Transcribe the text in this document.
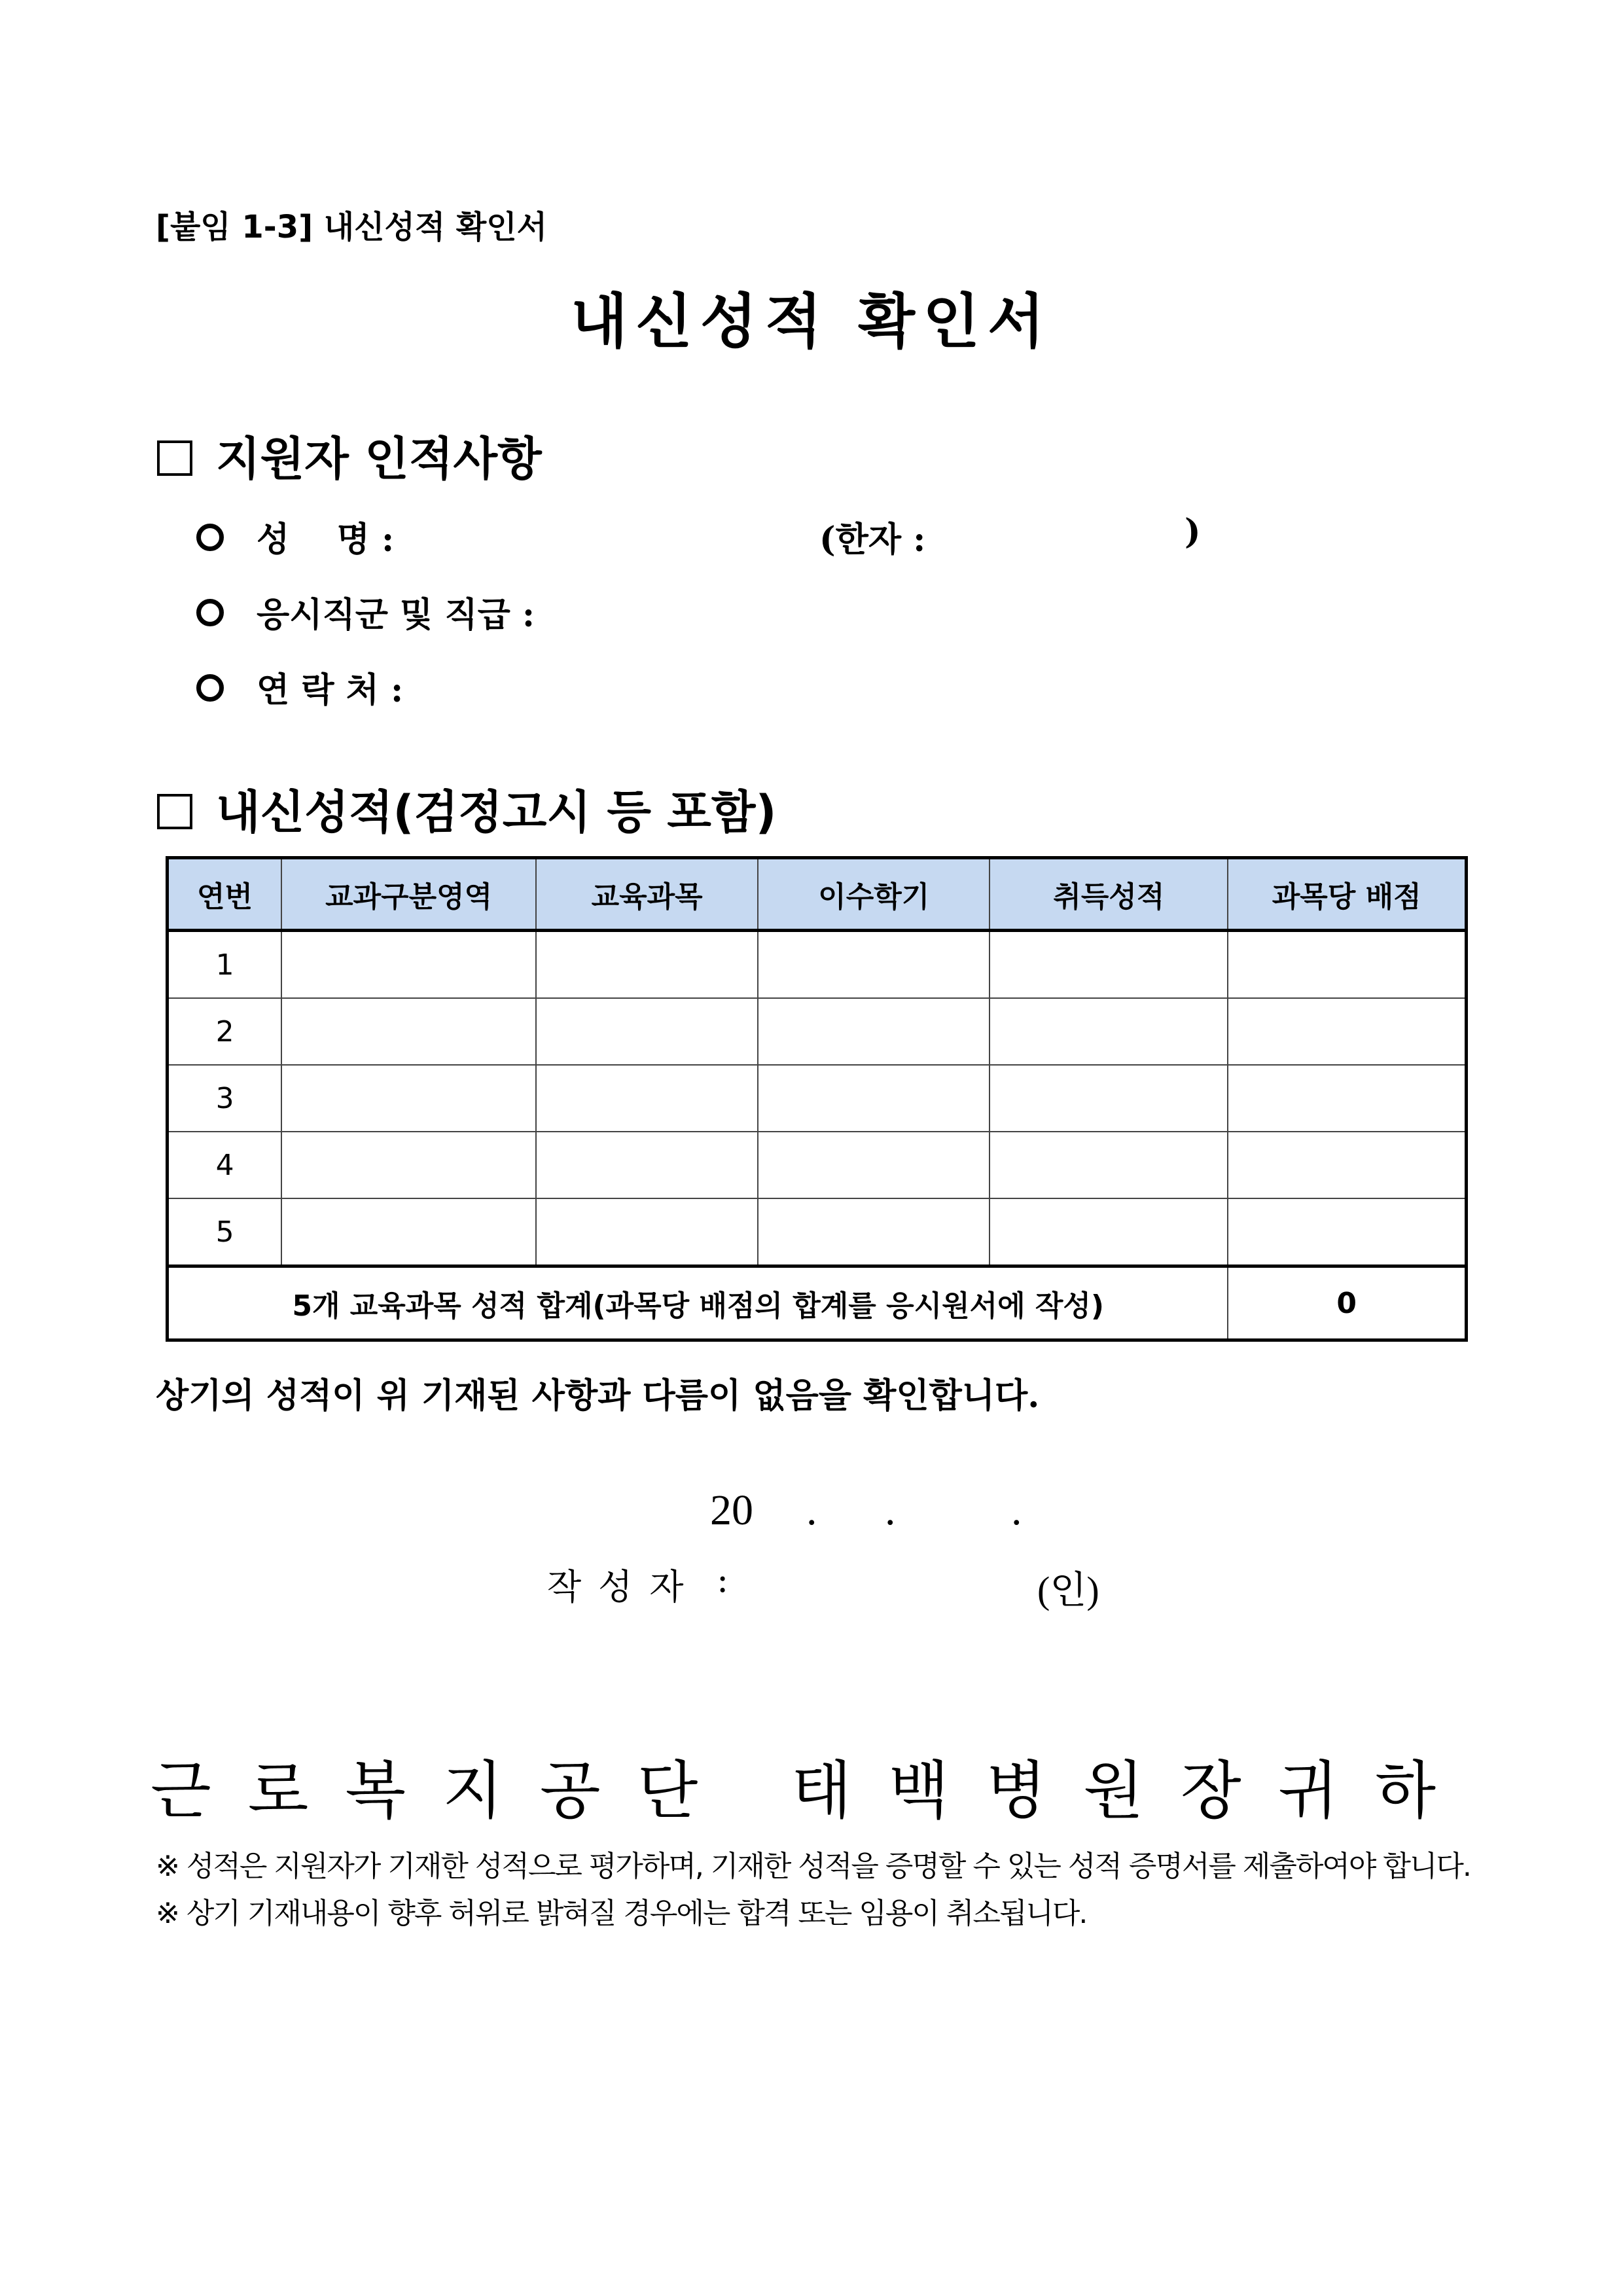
[붙임 1-3] 내신성적 확인서
내신성적 확인서
지원자 인적사항
성    명 :	(한자 :	)
응시직군 및 직급 :
연 락 처 :
내신성적(검정고시 등 포함)
연번	교과구분영역	교육과목	이수학기	취득성적	과목당 배점
1					
2					
3					
4					
5					
5개 교육과목 성적 합계(과목당 배점의 합계를 응시원서에 작성)					0
상기의 성적이 위 기재된 사항과 다름이 없음을 확인합니다.
20 . .	.
작성자 :	(인)
근로복지공단 태백병원장귀하
※ 성적은 지원자가 기재한 성적으로 평가하며, 기재한 성적을 증명할 수 있는 성적 증명서를 제출하여야 합니다.
※ 상기 기재내용이 향후 허위로 밝혀질 경우에는 합격 또는 임용이 취소됩니다.
